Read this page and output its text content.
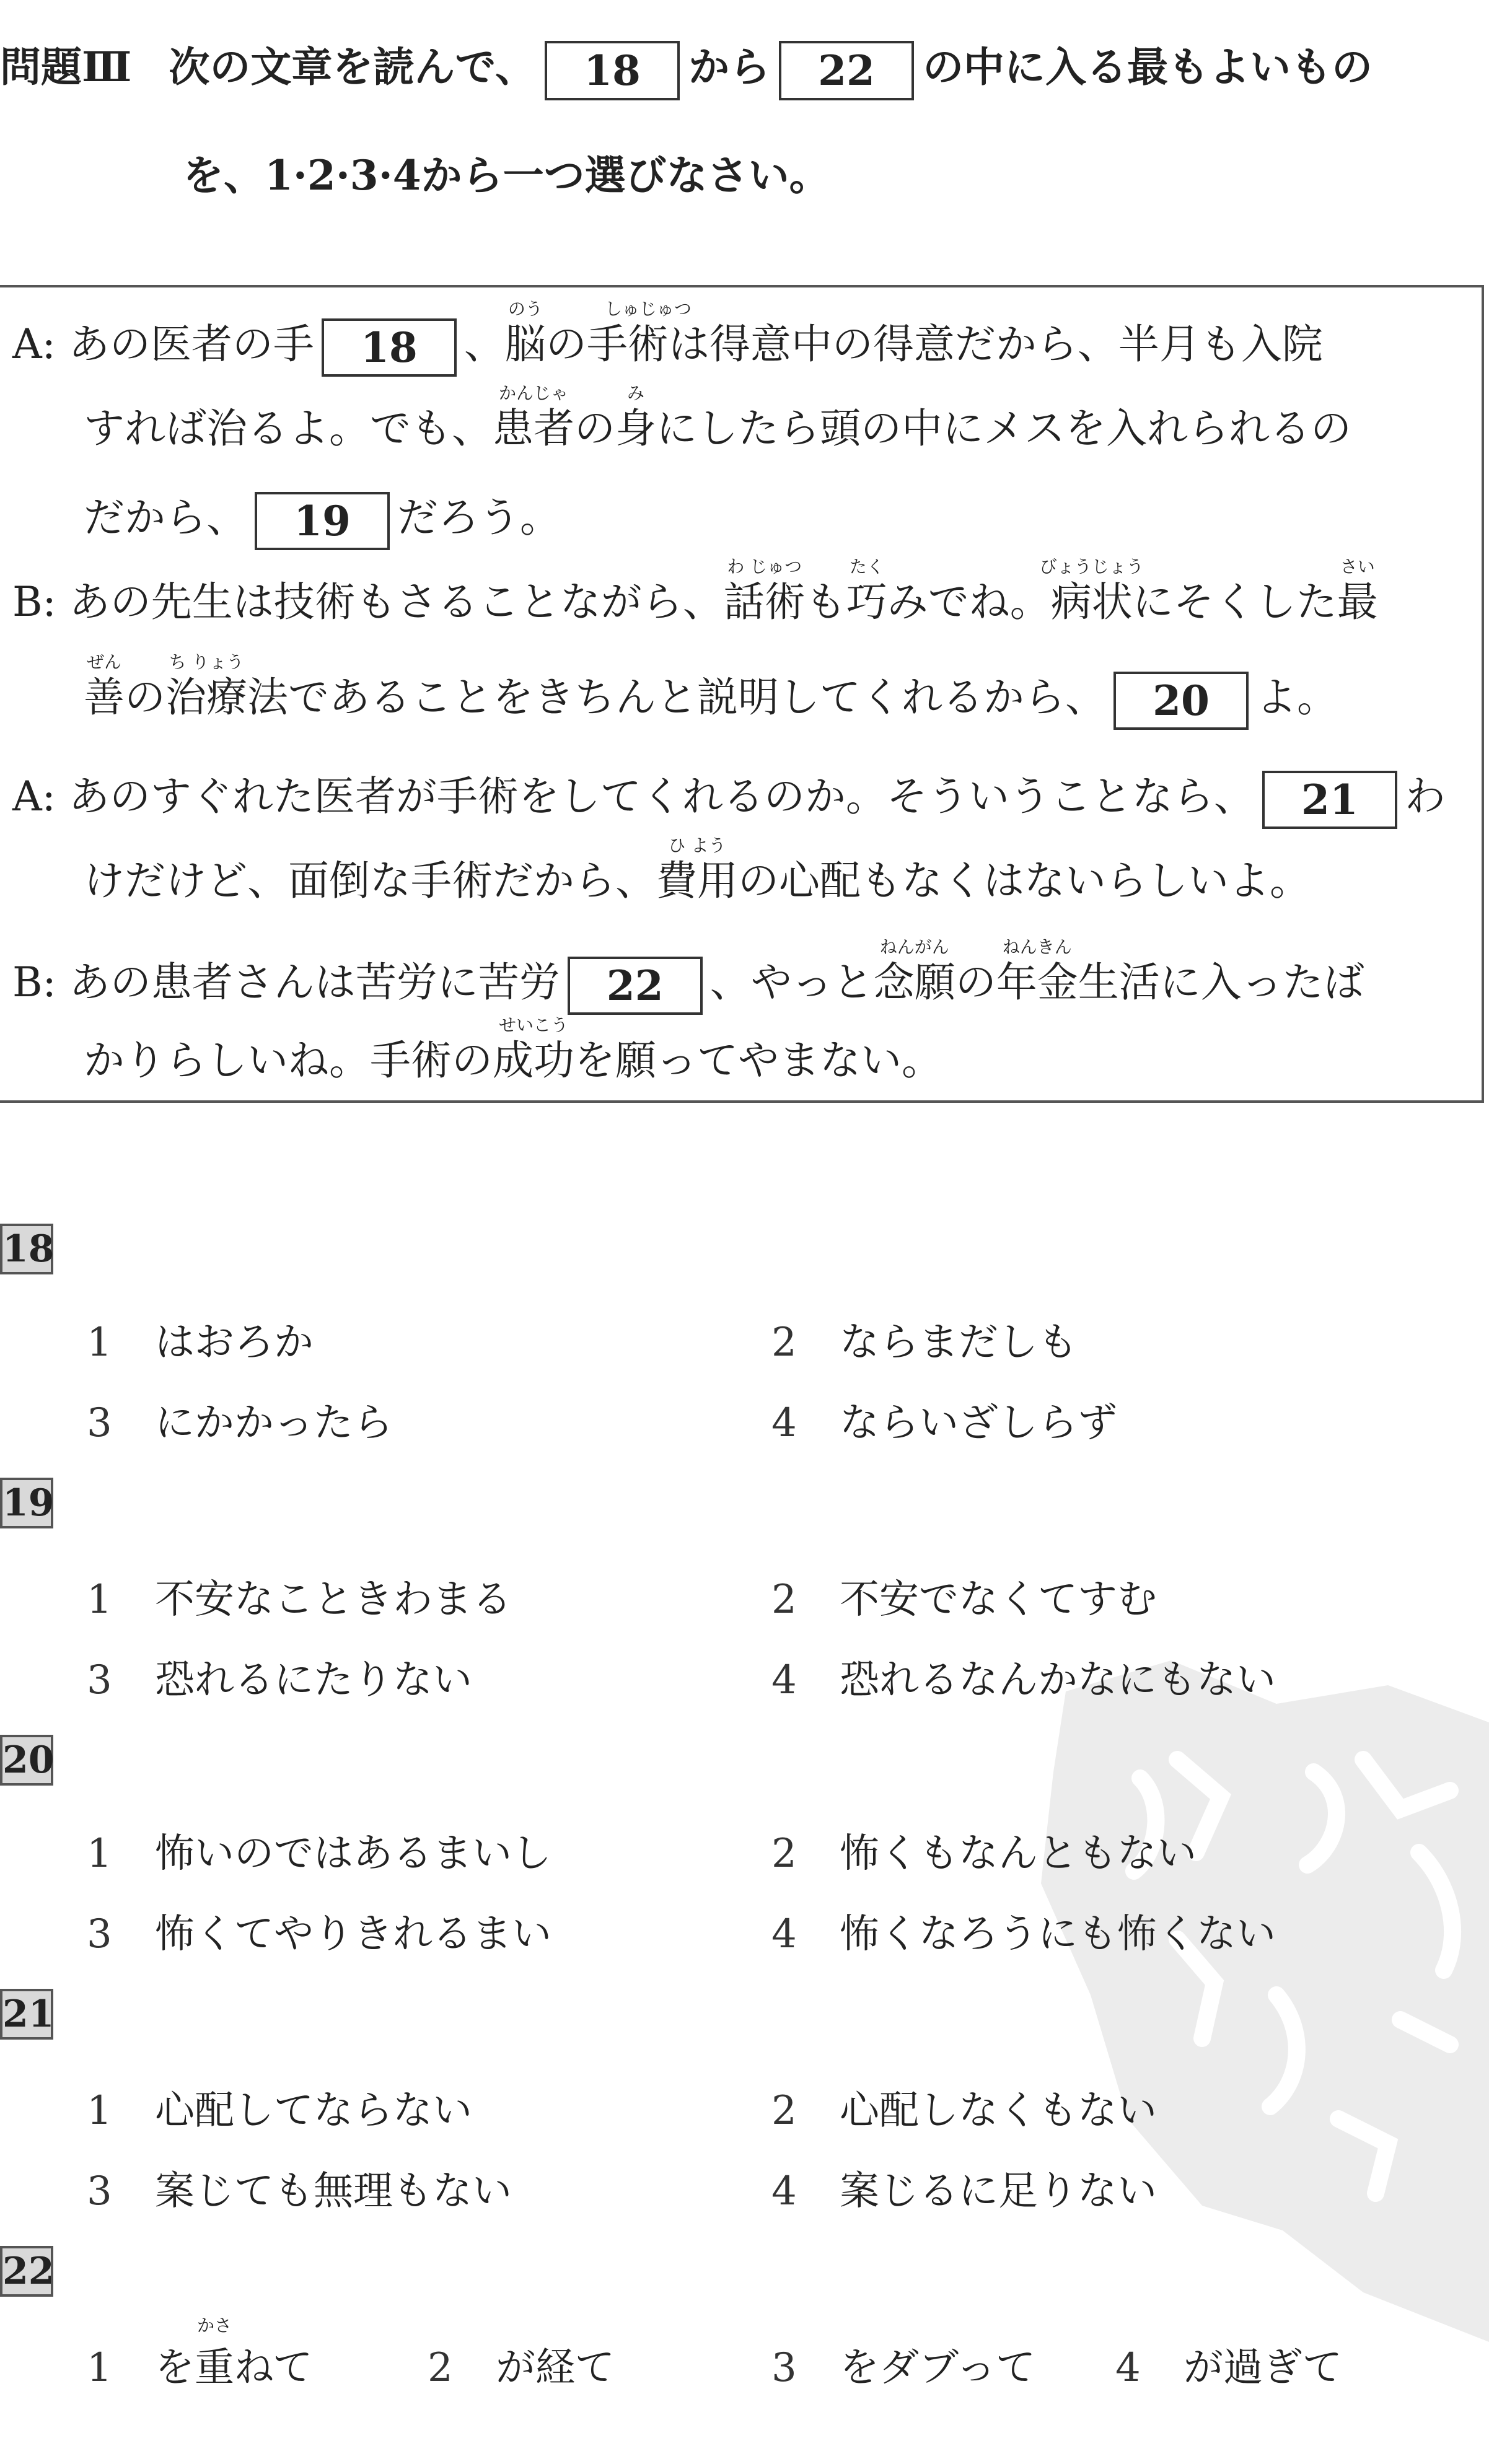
問題Ⅲ 次の文章を読んで、 18 から 22 の中に入る最もよいもの
を、1·2·3·4から一つ選びなさい。
A: あの医者の手 18 、脳
のう
の手術
しゅじゅつ
は得意中の得意だから、半月も入院
すれば治るよ。でも、患者
かんじゃ
の身
み
にしたら頭の中にメスを入れられるの
だから、 19 だろう。
B: あの先生は技術もさることながら、話術
わ じゅつ
も巧
たく
みでね。病状
びょうじょう
にそくした最
さい
善
ぜん
の治療
ち りょう
法であることをきちんと説明してくれるから、 20 よ。
A: あのすぐれた医者が手術をしてくれるのか。そういうことなら、 21 わ
けだけど、面倒な手術だから、費用
ひ よう
の心配もなくはないらしいよ。
B: あの患者さんは苦労に苦労 22 、やっと念願
ねんがん
の年金
ねんきん
生活に入ったば
かりらしいね。手術の成功
せいこう
を願ってやまない。
18
1 はおろか	2 ならまだしも
3 にかかったら	4 ならいざしらず
19
1 不安なこときわまる	2 不安でなくてすむ
3 恐れるにたりない	4 恐れるなんかなにもない
20
1 怖いのではあるまいし	2 怖くもなんともない
3 怖くてやりきれるまい	4 怖くなろうにも怖くない
21
1 心配してならない	2 心配しなくもない
3 案じても無理もない	4 案じるに足りない
22
1 を重
かさ
ねて	2 が経て	3 をダブって 4 が過ぎて
